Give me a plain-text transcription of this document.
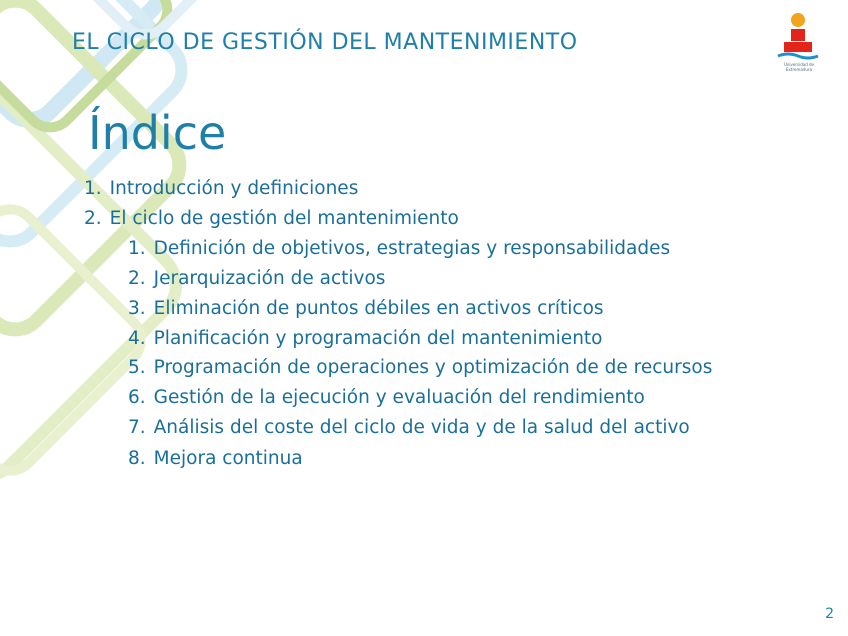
EL CICLO DE GESTIÓN DEL MANTENIMIENTO
Universidad de
Extremadura
Índice
1. Introducción y definiciones
2. El ciclo de gestión del mantenimiento
1. Definición de objetivos, estrategias y responsabilidades
2. Jerarquización de activos
3. Eliminación de puntos débiles en activos críticos
4. Planificación y programación del mantenimiento
5. Programación de operaciones y optimización de de recursos
6. Gestión de la ejecución y evaluación del rendimiento
7. Análisis del coste del ciclo de vida y de la salud del activo
8. Mejora continua
2
